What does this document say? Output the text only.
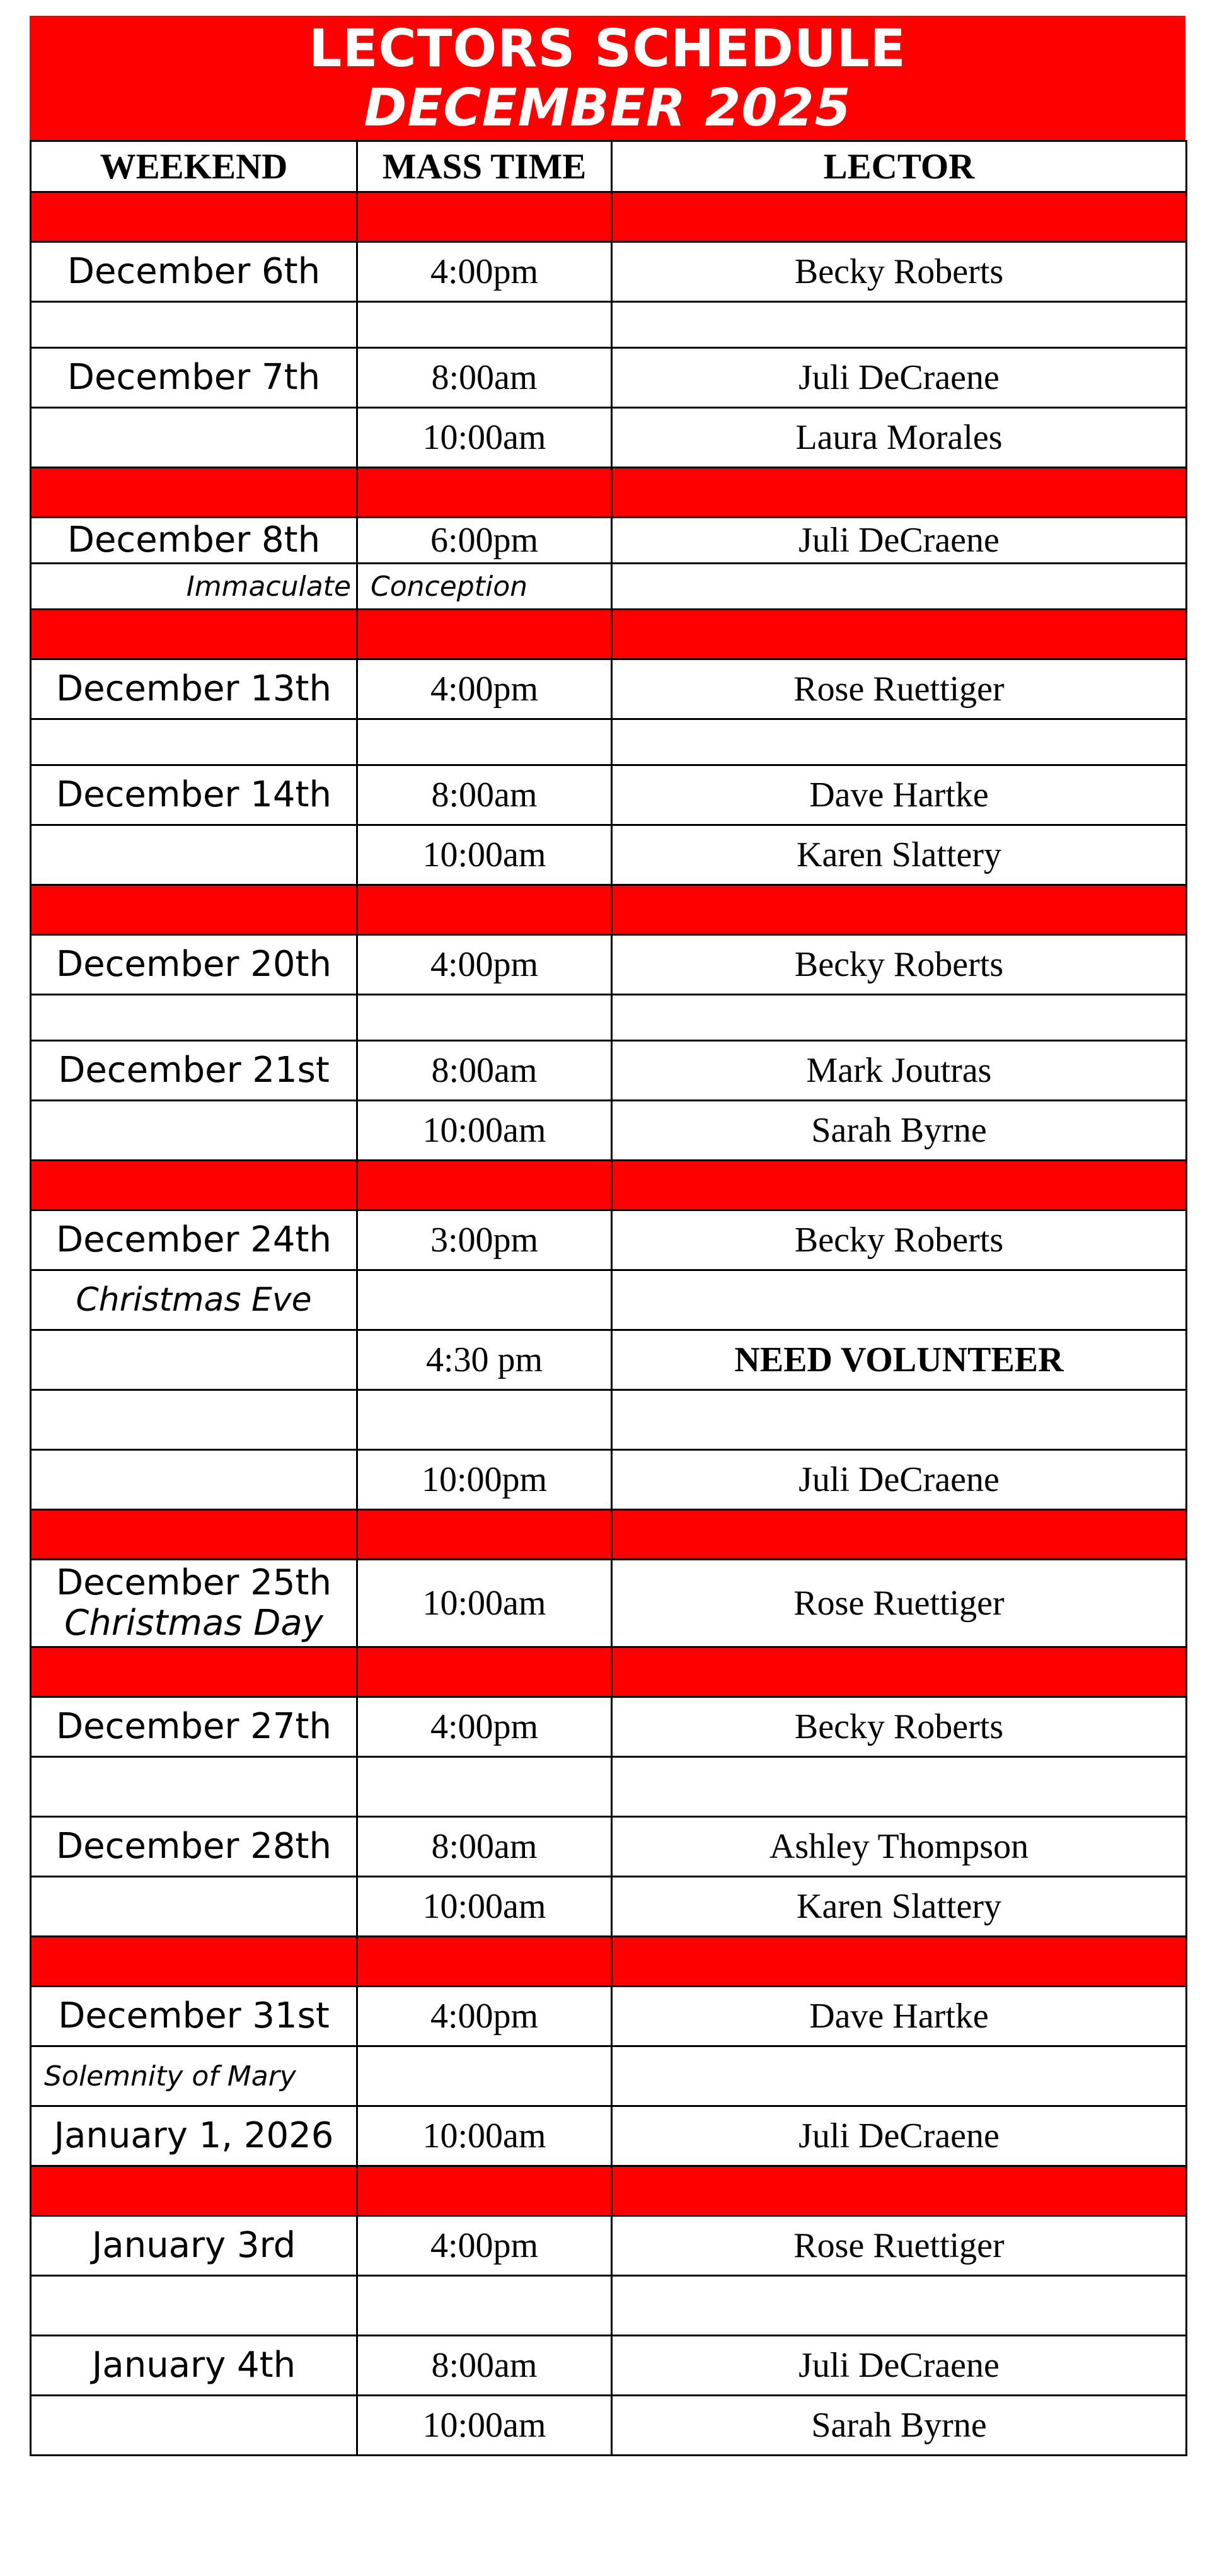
LECTORS SCHEDULE
DECEMBER 2025
WEEKEND	MASS TIME	LECTOR

December 6th	4:00pm	Becky Roberts

December 7th	8:00am	Juli DeCraene
	10:00am	Laura Morales

December 8th	6:00pm	Juli DeCraene
Immaculate	Conception	

December 13th	4:00pm	Rose Ruettiger

December 14th	8:00am	Dave Hartke
	10:00am	Karen Slattery

December 20th	4:00pm	Becky Roberts

December 21st	8:00am	Mark Joutras
	10:00am	Sarah Byrne

December 24th	3:00pm	Becky Roberts
Christmas Eve		
	4:30 pm	NEED VOLUNTEER

	10:00pm	Juli DeCraene

December 25th
Christmas Day	10:00am	Rose Ruettiger

December 27th	4:00pm	Becky Roberts

December 28th	8:00am	Ashley Thompson
	10:00am	Karen Slattery

December 31st	4:00pm	Dave Hartke
Solemnity of Mary		
January 1, 2026	10:00am	Juli DeCraene

January 3rd	4:00pm	Rose Ruettiger

January 4th	8:00am	Juli DeCraene
	10:00am	Sarah Byrne
